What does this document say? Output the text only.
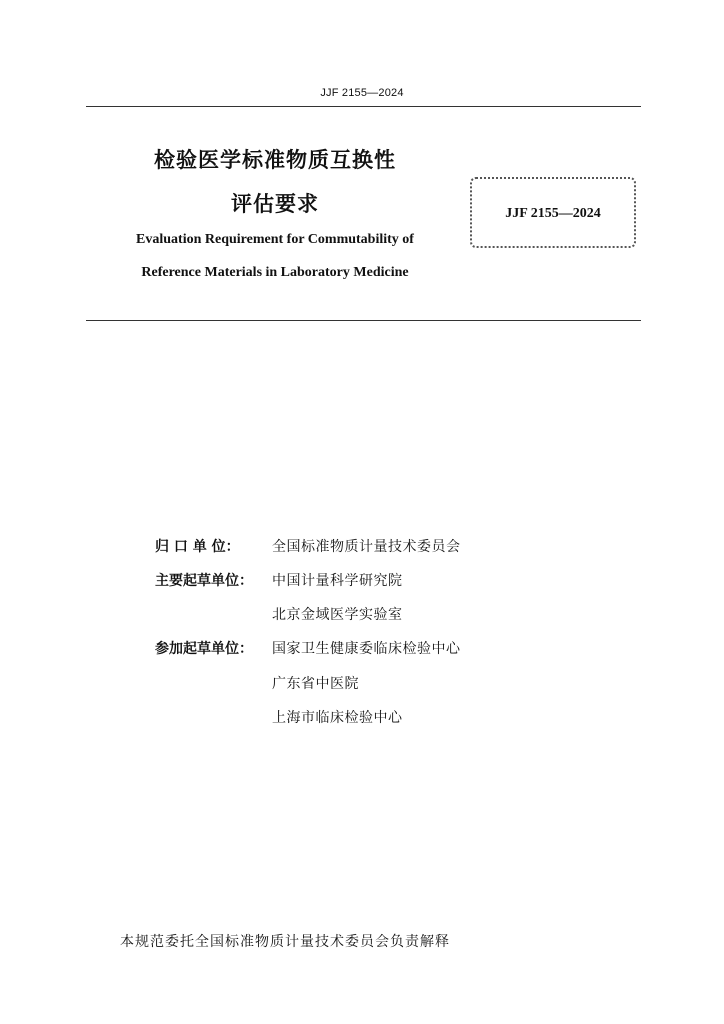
JJF 2155—2024
检验医学标准物质互换性
评估要求
Evaluation Requirement for Commutability of
Reference Materials in Laboratory Medicine
JJF 2155—2024
归 口 单 位：	全国标准物质计量技术委员会
主要起草单位：	中国计量科学研究院
北京金域医学实验室
参加起草单位：	国家卫生健康委临床检验中心
广东省中医院
上海市临床检验中心
本规范委托全国标准物质计量技术委员会负责解释
